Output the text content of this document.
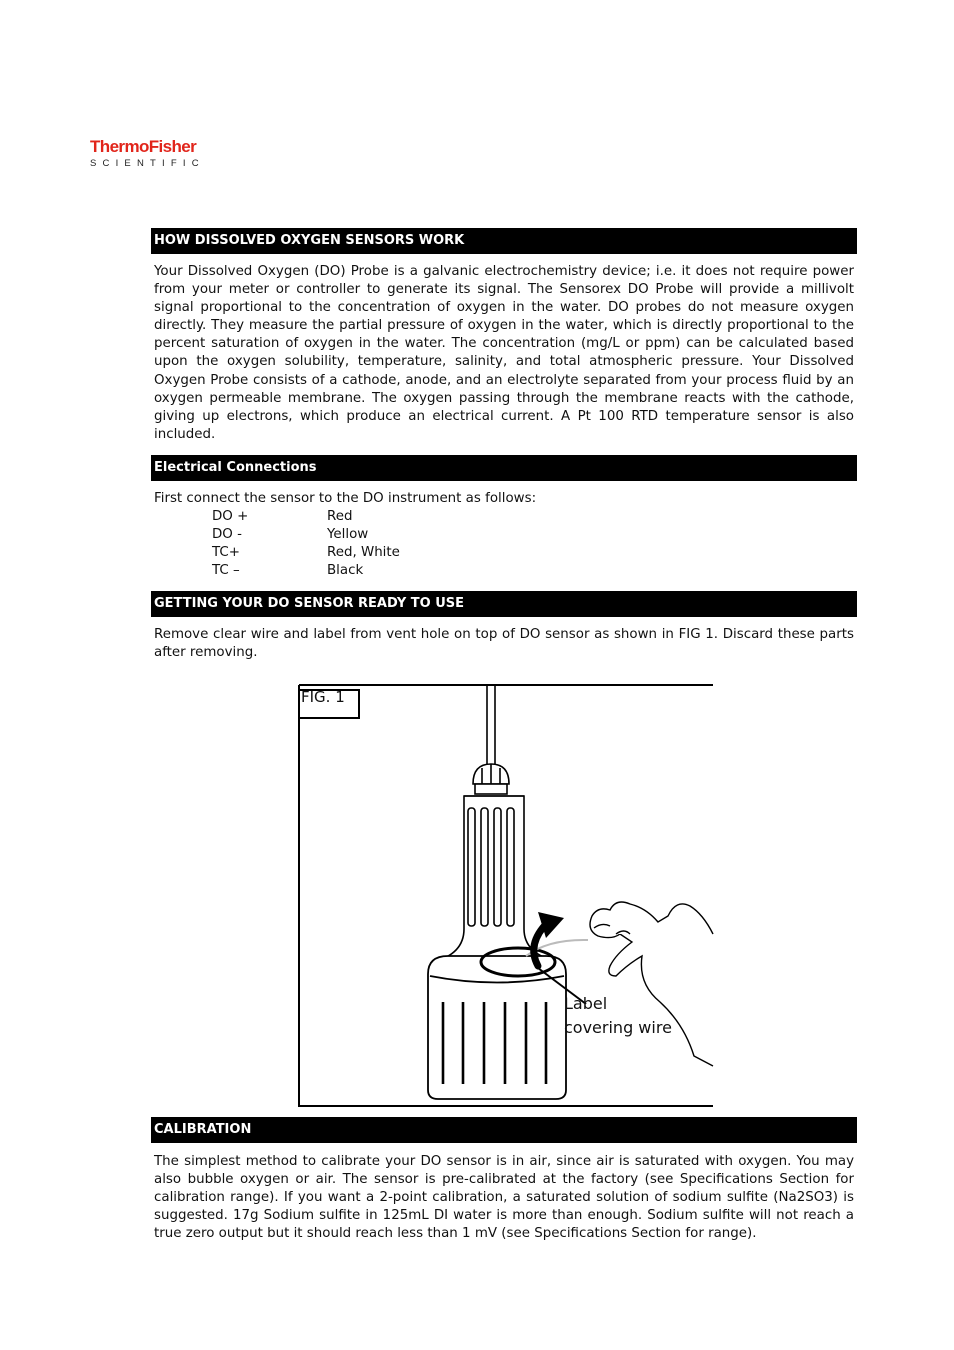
ThermoFisher
SCIENTIFIC
HOW DISSOLVED OXYGEN SENSORS WORK

Your Dissolved Oxygen (DO) Probe is a galvanic electrochemistry device; i.e. it does not require power from your meter or controller to generate its signal. The Sensorex DO Probe will provide a millivolt signal proportional to the concentration of oxygen in the water. DO probes do not measure oxygen directly. They measure the partial pressure of oxygen in the water, which is directly proportional to the percent saturation of oxygen in the water. The concentration (mg/L or ppm) can be calculated based upon the oxygen solubility, temperature, salinity, and total atmospheric pressure. Your Dissolved Oxygen Probe consists of a cathode, anode, and an electrolyte separated from your process fluid by an oxygen permeable membrane. The oxygen passing through the membrane reacts with the cathode, giving up electrons, which produce an electrical current. A Pt 100 RTD temperature sensor is also included.

Electrical Connections
First connect the sensor to the DO instrument as follows:
DO +	Red
DO -	Yellow
TC+	Red, White
TC –	Black
GETTING YOUR DO SENSOR READY TO USE

Remove clear wire and label from vent hole on top of DO sensor as shown in FIG 1. Discard these parts after removing.

FIG. 1
Label
covering wire
CALIBRATION

The simplest method to calibrate your DO sensor is in air, since air is saturated with oxygen. You may also bubble oxygen or air. The sensor is pre-calibrated at the factory (see Specifications Section for calibration range). If you want a 2-point calibration, a saturated solution of sodium sulfite (Na2SO3) is suggested. 17g Sodium sulfite in 125mL DI water is more than enough. Sodium sulfite will not reach a true zero output but it should reach less than 1 mV (see Specifications Section for range).
